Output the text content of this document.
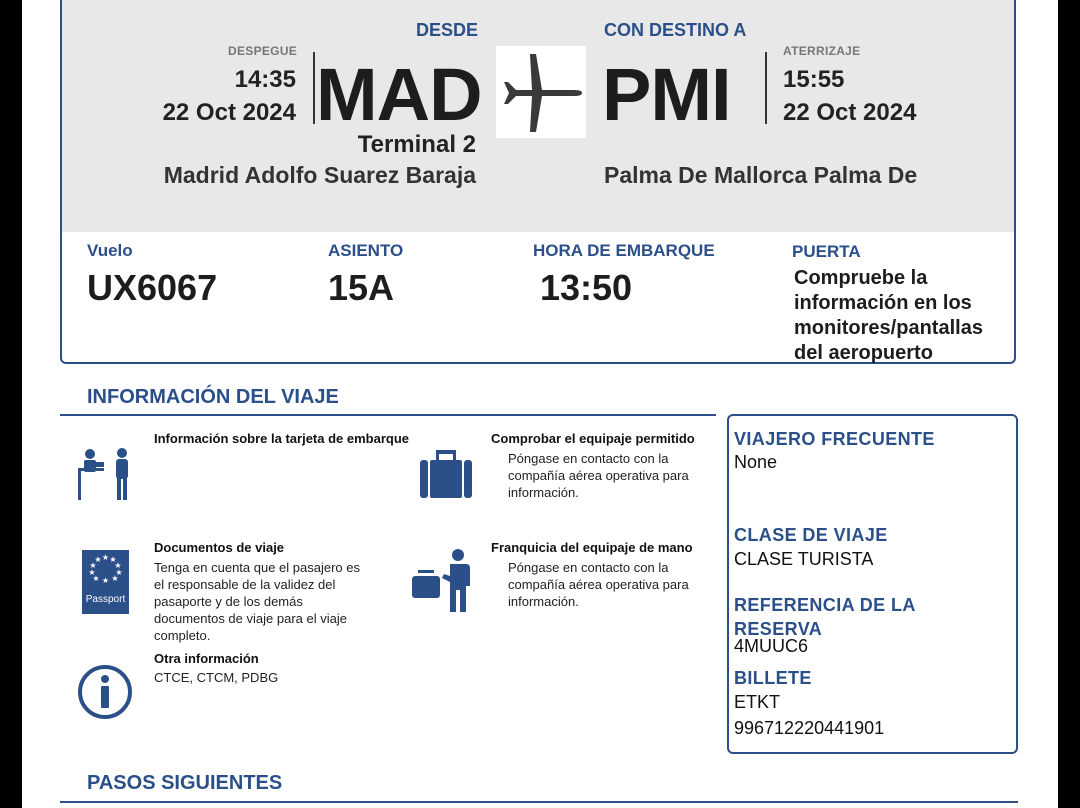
DESDE	CON DESTINO A
DESPEGUE
14:35
22 Oct 2024 MAD
Terminal 2
Madrid Adolfo Suarez Baraja
PMI
Palma De Mallorca Palma De
ATERRIZAJE
15:55
22 Oct 2024
Vuelo
UX6067
ASIENTO
15A
HORA DE EMBARQUE
13:50
PUERTA
Compruebe la
información en los
monitores/pantallas
del aeropuerto
INFORMACIÓN DEL VIAJE
Información sobre la tarjeta de embarque	Comprobar el equipaje permitido
Póngase en contacto con la
compañía aérea operativa para
información.
★ ★
★
★
★
★
★
★
★
★
Passport
Documentos de viaje
Tenga en cuenta que el pasajero es
el responsable de la validez del
pasaporte y de los demás
documentos de viaje para el viaje
completo.
Franquicia del equipaje de mano
Póngase en contacto con la
compañía aérea operativa para
información.
Otra información
CTCE, CTCM, PDBG
VIAJERO FRECUENTE
None
CLASE DE VIAJE
CLASE TURISTA
REFERENCIA DE LA
RESERVA
4MUUC6
BILLETE
ETKT
996712220441901
PASOS SIGUIENTES
